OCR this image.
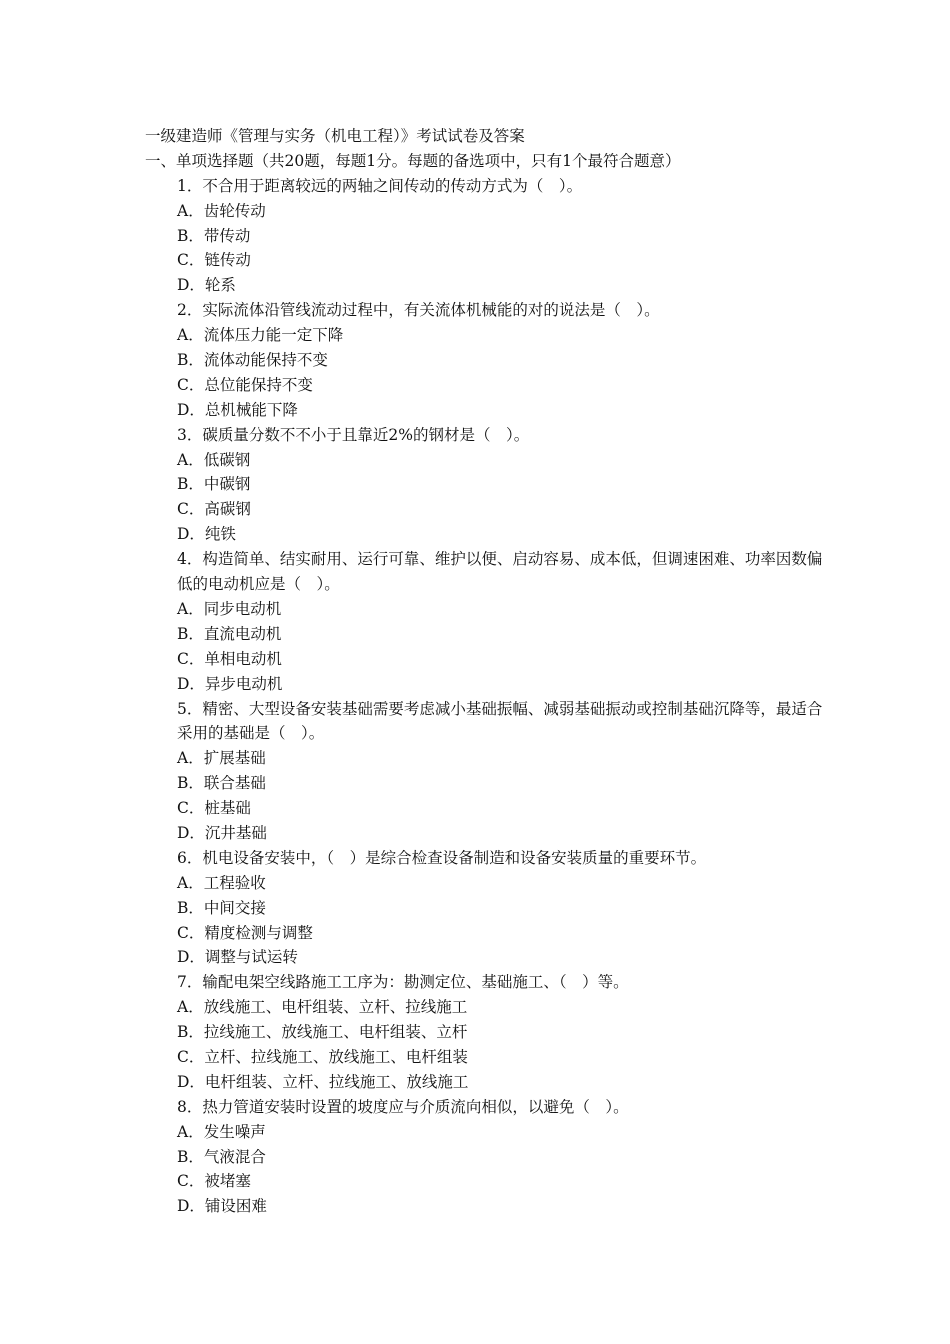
一级建造师《管理与实务（机电工程）》考试试卷及答案
一、单项选择题（共20题，每题1分。每题的备选项中，只有1个最符合题意）
1．不合用于距离较远的两轴之间传动的传动方式为（　）。
A．齿轮传动
B．带传动
C．链传动
D．轮系
2．实际流体沿管线流动过程中，有关流体机械能的对的说法是（　）。
A．流体压力能一定下降
B．流体动能保持不变
C．总位能保持不变
D．总机械能下降
3．碳质量分数不不小于且靠近2%的钢材是（　）。
A．低碳钢
B．中碳钢
C．高碳钢
D．纯铁
4．构造简单、结实耐用、运行可靠、维护以便、启动容易、成本低，但调速困难、功率因数偏低的电动机应是（　）。
A．同步电动机
B．直流电动机
C．单相电动机
D．异步电动机
5．精密、大型设备安装基础需要考虑减小基础振幅、减弱基础振动或控制基础沉降等，最适合采用的基础是（　）。
A．扩展基础
B．联合基础
C．桩基础
D．沉井基础
6．机电设备安装中，（　）是综合检查设备制造和设备安装质量的重要环节。
A．工程验收
B．中间交接
C．精度检测与调整
D．调整与试运转
7．输配电架空线路施工工序为：勘测定位、基础施工、（　）等。
A．放线施工、电杆组装、立杆、拉线施工
B．拉线施工、放线施工、电杆组装、立杆
C．立杆、拉线施工、放线施工、电杆组装
D．电杆组装、立杆、拉线施工、放线施工
8．热力管道安装时设置的坡度应与介质流向相似，以避免（　）。
A．发生噪声
B．气液混合
C．被堵塞
D．铺设困难
